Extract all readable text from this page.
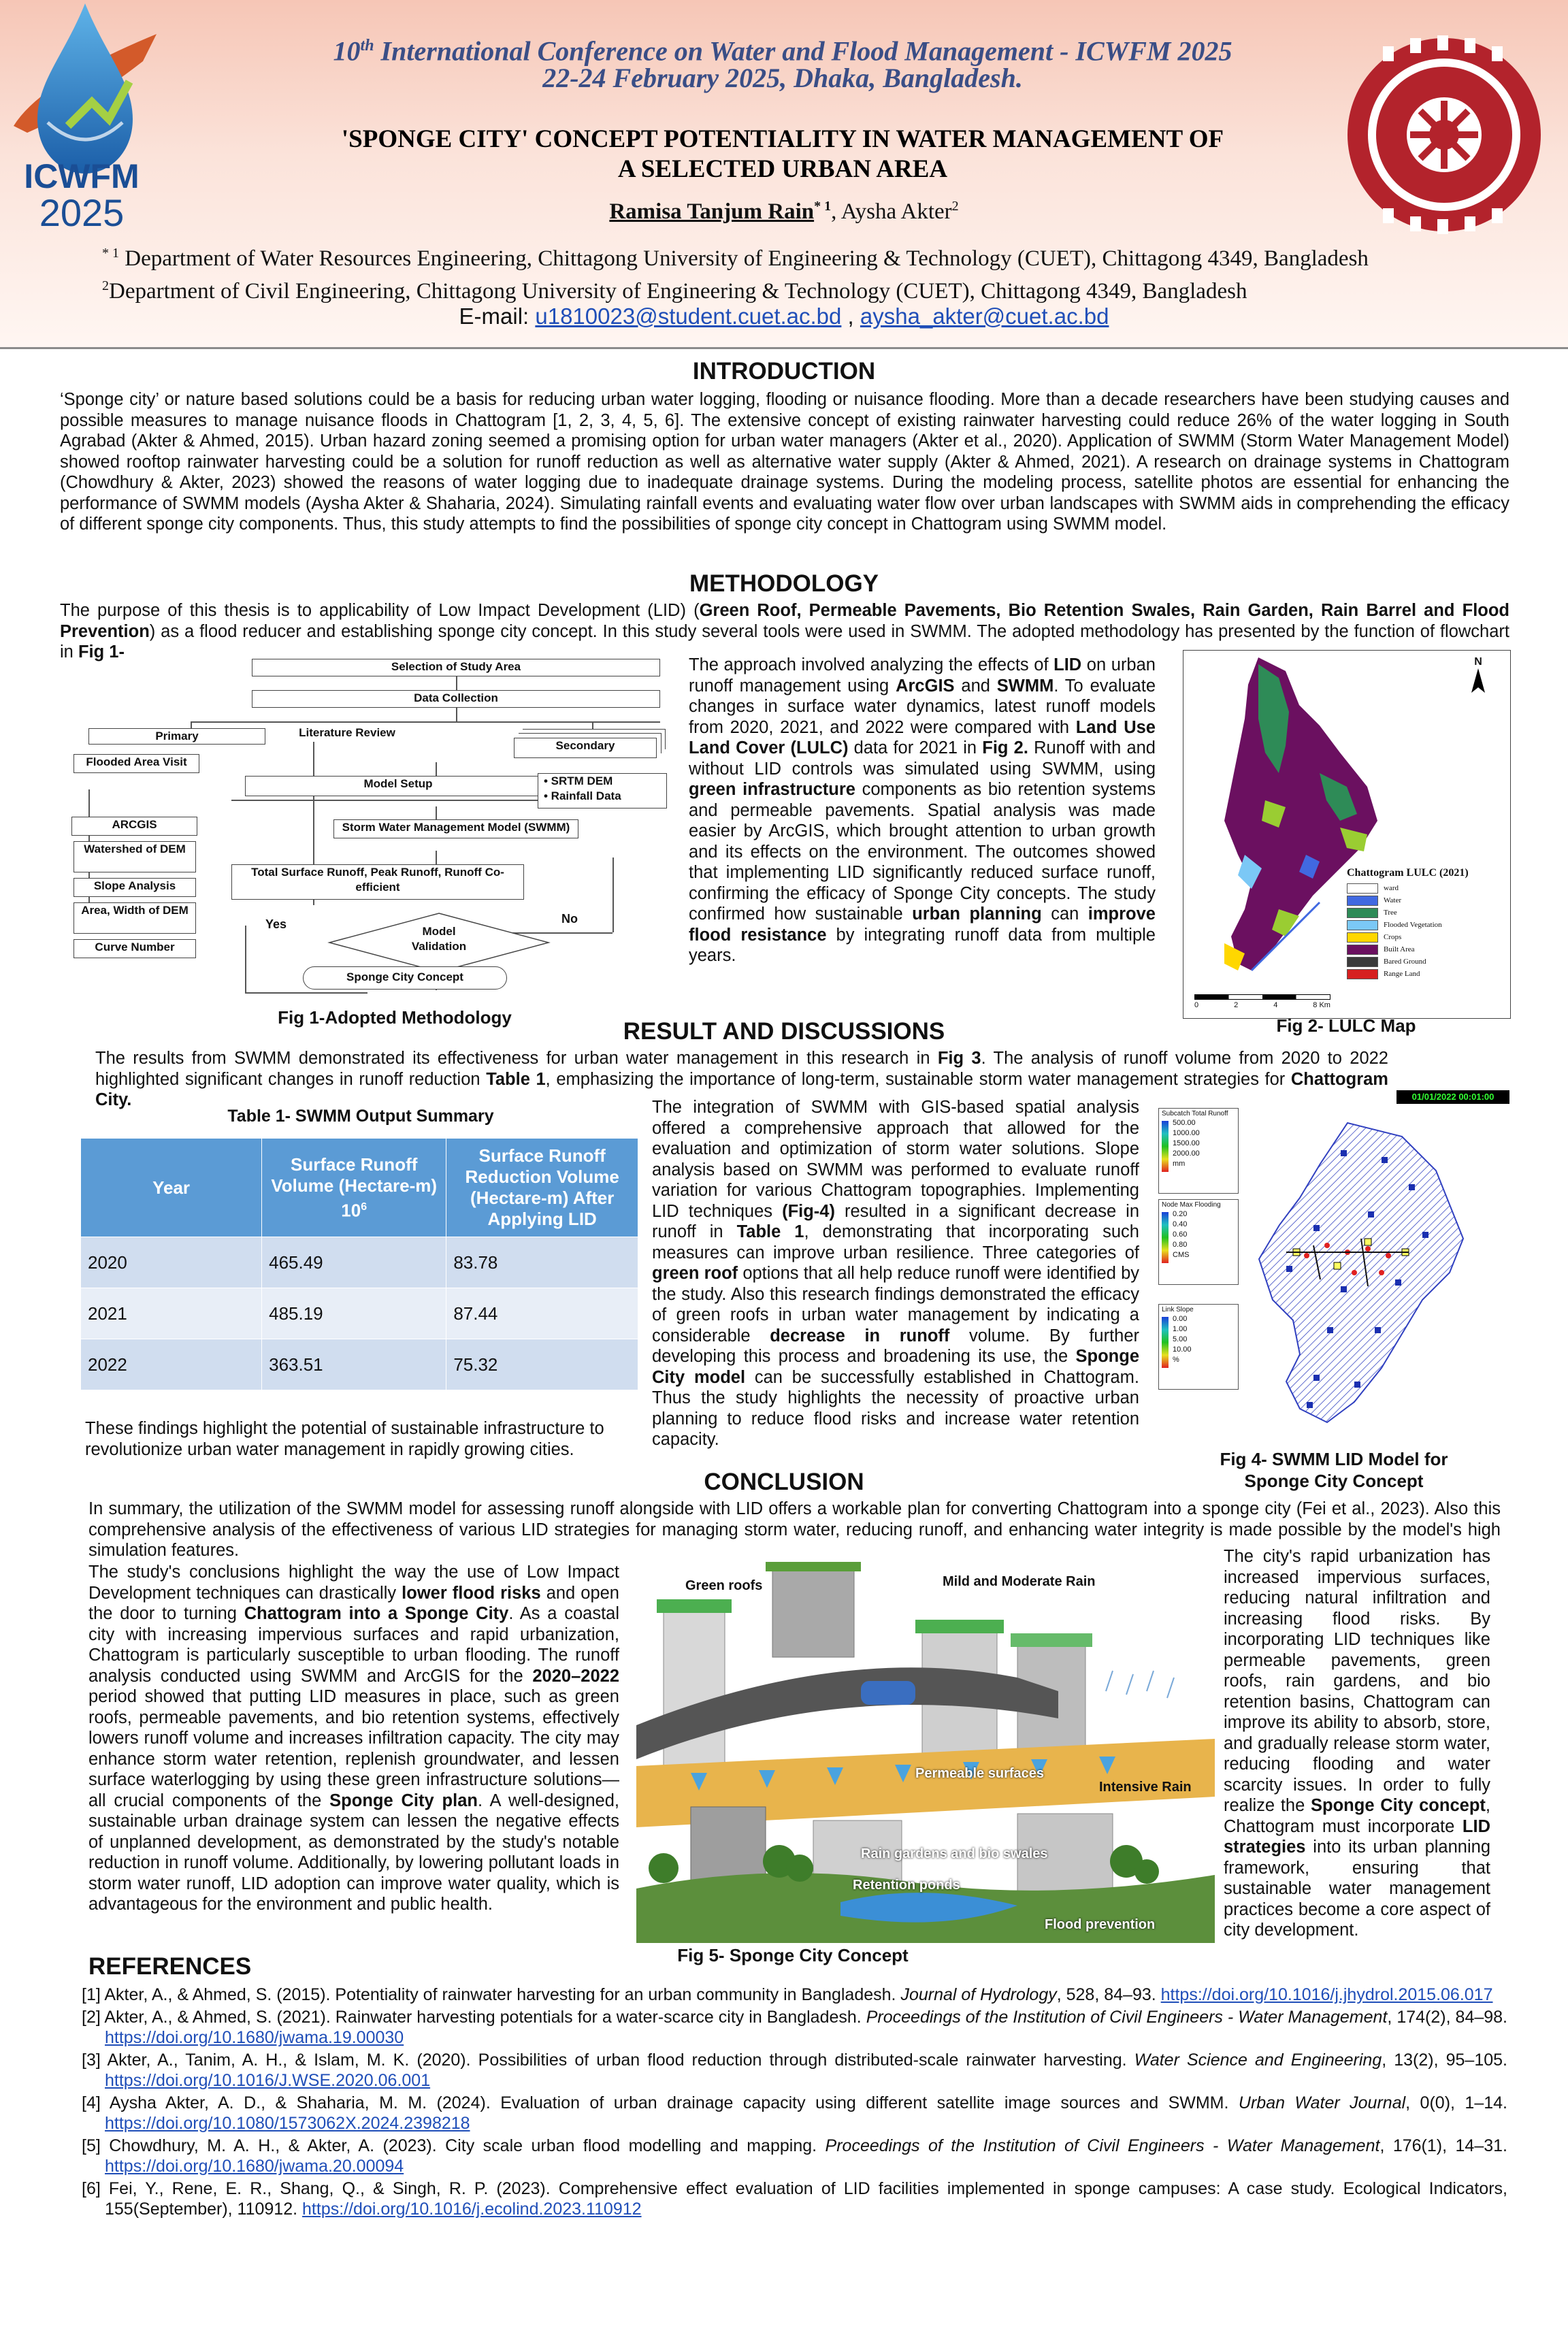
ICWFM
2025
10th International Conference on Water and Flood Management - ICWFM 2025
22-24 February 2025, Dhaka, Bangladesh.
'SPONGE CITY' CONCEPT POTENTIALITY IN WATER MANAGEMENT OF
A SELECTED URBAN AREA
Ramisa Tanjum Rain$^{* 1}$, Aysha Akter$^2$
$^{* 1}$ Department of Water Resources Engineering, Chittagong University of Engineering & Technology (CUET), Chittagong 4349, Bangladesh
$^2$Department of Civil Engineering, Chittagong University of Engineering & Technology (CUET), Chittagong 4349, Bangladesh
E-mail: u1810023@student.cuet.ac.bd , aysha_akter@cuet.ac.bd
INTRODUCTION
‘Sponge city’ or nature based solutions could be a basis for reducing urban water logging, flooding or nuisance flooding. More than a decade researchers have been studying causes and possible measures to manage nuisance floods in Chattogram [1, 2, 3, 4, 5, 6]. The extensive concept of existing rainwater harvesting could reduce 26% of the water logging in South Agrabad (Akter & Ahmed, 2015). Urban hazard zoning seemed a promising option for urban water managers (Akter et al., 2020). Application of SWMM (Storm Water Management Model) showed rooftop rainwater harvesting could be a solution for runoff reduction as well as alternative water supply (Akter & Ahmed, 2021). A research on drainage systems in Chattogram (Chowdhury & Akter, 2023) showed the reasons of water logging due to inadequate drainage systems. During the modeling process, satellite photos are essential for enhancing the performance of SWMM models (Aysha Akter & Shaharia, 2024). Simulating rainfall events and evaluating water flow over urban landscapes with SWMM aids in comprehending the efficacy of different sponge city components. Thus, this study attempts to find the possibilities of sponge city concept in Chattogram using SWMM model.
METHODOLOGY
The purpose of this thesis is to applicability of Low Impact Development (LID) (Green Roof, Permeable Pavements, Bio Retention Swales, Rain Garden, Rain Barrel and Flood Prevention) as a flood reducer and establishing sponge city concept. In this study several tools were used in SWMM. The adopted methodology has presented by the function of flowchart in Fig 1-
Selection of Study Area
Data Collection
Primary	Literature Review
Secondary
Flooded Area Visit
Model Setup	• SRTM DEM
• Rainfall Data
ARCGIS	Storm Water Management Model (SWMM)
Watershed of DEM
Slope Analysis
Area, Width of DEM
Curve Number
Total Surface Runoff, Peak Runoff, Runoff Co-efficient
Yes	No
Model Validation
Sponge City Concept
Fig 1-Adopted Methodology
The approach involved analyzing the effects of LID on urban runoff management using ArcGIS and SWMM. To evaluate changes in surface water dynamics, latest runoff models from 2020, 2021, and 2022 were compared with Land Use Land Cover (LULC) data for 2021 in Fig 2. Runoff with and without LID controls was simulated using SWMM, using green infrastructure components as bio retention systems and permeable pavements. Spatial analysis was made easier by ArcGIS, which brought attention to urban growth and its effects on the environment. The outcomes showed that implementing LID significantly reduced surface runoff, confirming the efficacy of Sponge City concepts. The study confirmed how sustainable urban planning can improve flood resistance by integrating runoff data from multiple years.
N
Chattogram LULC (2021)
ward
Water
Tree
Flooded Vegetation
Crops
Built Area
Bared Ground
Range Land
0	2	4	8 Km
Fig 2- LULC Map
RESULT AND DISCUSSIONS
The results from SWMM demonstrated its effectiveness for urban water management in this research in Fig 3. The analysis of runoff volume from 2020 to 2022 highlighted significant changes in runoff reduction Table 1, emphasizing the importance of long-term, sustainable storm water management strategies for Chattogram City.
Table 1- SWMM Output Summary
Year	Surface Runoff Volume (Hectare-m) $10^6$	Surface Runoff Reduction Volume (Hectare-m) After Applying LID
2020	465.49	83.78
2021	485.19	87.44
2022	363.51	75.32
These findings highlight the potential of sustainable infrastructure to revolutionize urban water management in rapidly growing cities.
The integration of SWMM with GIS-based spatial analysis offered a comprehensive approach that allowed for the evaluation and optimization of storm water solutions. Slope analysis based on SWMM was performed to evaluate runoff variation for various Chattogram topographies. Implementing LID techniques (Fig-4) resulted in a significant decrease in runoff in Table 1, demonstrating that incorporating such measures can improve urban resilience. Three categories of green roof options that all help reduce runoff were identified by the study. Also this research findings demonstrated the efficacy of green roofs in urban water management by indicating a considerable decrease in runoff volume. By further developing this process and broadening its use, the Sponge City model can be successfully established in Chattogram. Thus the study highlights the necessity of proactive urban planning to reduce flood risks and increase water retention capacity.
01/01/2022 00:01:00
Subcatch Total Runoff
500.00
1000.00
1500.00
2000.00
mm
Node Max Flooding
0.20
0.40
0.60
0.80
CMS
Link Slope
0.00
1.00
5.00
10.00
%
Fig 4- SWMM LID Model for
Sponge City Concept
CONCLUSION
In summary, the utilization of the SWMM model for assessing runoff alongside with LID offers a workable plan for converting Chattogram into a sponge city (Fei et al., 2023). Also this comprehensive analysis of the effectiveness of various LID strategies for managing storm water, reducing runoff, and enhancing water integrity is made possible by the model's high simulation features.
The study's conclusions highlight the way the use of Low Impact Development techniques can drastically lower flood risks and open the door to turning Chattogram into a Sponge City. As a coastal city with increasing impervious surfaces and rapid urbanization, Chattogram is particularly susceptible to urban flooding. The runoff analysis conducted using SWMM and ArcGIS for the 2020–2022 period showed that putting LID measures in place, such as green roofs, permeable pavements, and bio retention systems, effectively lowers runoff volume and increases infiltration capacity. The city may enhance storm water retention, replenish groundwater, and lessen surface waterlogging by using these green infrastructure solutions—all crucial components of the Sponge City plan. A well-designed, sustainable urban drainage system can lessen the negative effects of unplanned development, as demonstrated by the study's notable reduction in runoff volume. Additionally, by lowering pollutant loads in storm water runoff, LID adoption can improve water quality, which is advantageous for the environment and public health.
Green roofs	Mild and Moderate Rain
Permeable surfaces
Intensive Rain
Rain gardens and bio swales
Retention ponds
Flood prevention
Fig 5- Sponge City Concept
The city's rapid urbanization has increased impervious surfaces, reducing natural infiltration and increasing flood risks. By incorporating LID techniques like permeable pavements, green roofs, rain gardens, and bio retention basins, Chattogram can improve its ability to absorb, store, and gradually release storm water, reducing flooding and water scarcity issues. In order to fully realize the Sponge City concept, Chattogram must incorporate LID strategies into its urban planning framework, ensuring that sustainable water management practices become a core aspect of city development.
REFERENCES
[1] Akter, A., & Ahmed, S. (2015). Potentiality of rainwater harvesting for an urban community in Bangladesh. Journal of Hydrology, 528, 84–93. https://doi.org/10.1016/j.jhydrol.2015.06.017
[2] Akter, A., & Ahmed, S. (2021). Rainwater harvesting potentials for a water-scarce city in Bangladesh. Proceedings of the Institution of Civil Engineers - Water Management, 174(2), 84–98. https://doi.org/10.1680/jwama.19.00030
[3] Akter, A., Tanim, A. H., & Islam, M. K. (2020). Possibilities of urban flood reduction through distributed-scale rainwater harvesting. Water Science and Engineering, 13(2), 95–105. https://doi.org/10.1016/J.WSE.2020.06.001
[4] Aysha Akter, A. D., & Shaharia, M. M. (2024). Evaluation of urban drainage capacity using different satellite image sources and SWMM. Urban Water Journal, 0(0), 1–14. https://doi.org/10.1080/1573062X.2024.2398218
[5] Chowdhury, M. A. H., & Akter, A. (2023). City scale urban flood modelling and mapping. Proceedings of the Institution of Civil Engineers - Water Management, 176(1), 14–31. https://doi.org/10.1680/jwama.20.00094
[6] Fei, Y., Rene, E. R., Shang, Q., & Singh, R. P. (2023). Comprehensive effect evaluation of LID facilities implemented in sponge campuses: A case study. Ecological Indicators, 155(September), 110912. https://doi.org/10.1016/j.ecolind.2023.110912
